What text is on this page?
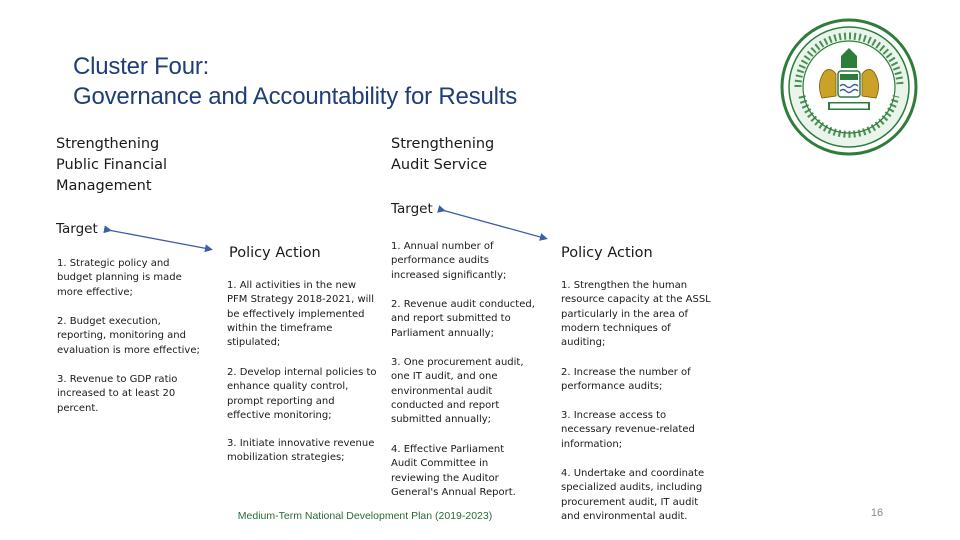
Cluster Four:
Governance and Accountability for Results
Strengthening
Public Financial
Management
Strengthening
Audit Service
Target
Target
Policy Action	Policy Action

1. Strategic policy and

budget planning is made

more effective;

2. Budget execution,

reporting, monitoring and

evaluation is more effective;

3. Revenue to GDP ratio

increased to at least 20

percent.

1. All activities in the new

PFM Strategy 2018-2021, will

be effectively implemented

within the timeframe

stipulated;

2. Develop internal policies to

enhance quality control,

prompt reporting and

effective monitoring;

3. Initiate innovative revenue

mobilization strategies;

1. Annual number of

performance audits

increased significantly;

2. Revenue audit conducted,

and report submitted to

Parliament annually;

3. One procurement audit,

one IT audit, and one

environmental audit

conducted and report

submitted annually;

4. Effective Parliament

Audit Committee in

reviewing the Auditor

General's Annual Report.

1. Strengthen the human

resource capacity at the ASSL

particularly in the area of

modern techniques of

auditing;

2. Increase the number of

performance audits;

3. Increase access to

necessary revenue-related

information;

4. Undertake and coordinate

specialized audits, including

procurement audit, IT audit

and environmental audit.

Medium-Term National Development Plan (2019-2023)	16
